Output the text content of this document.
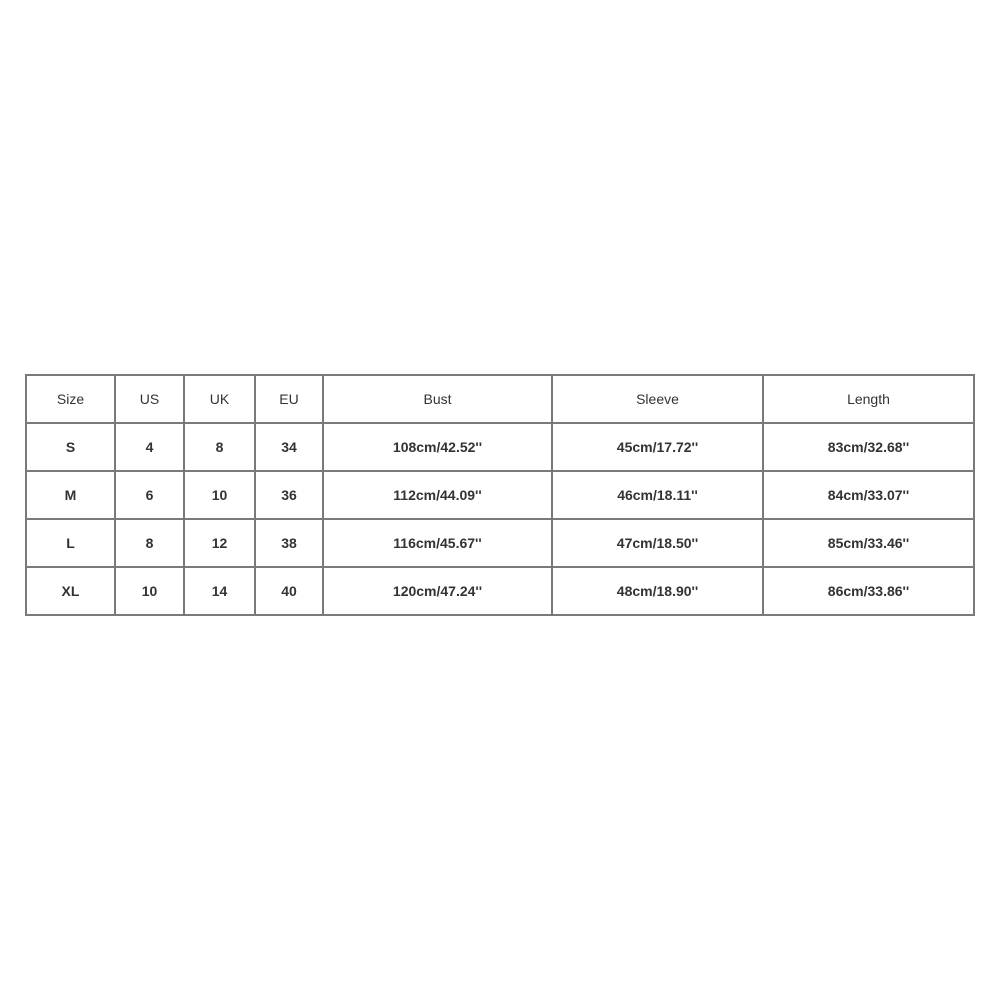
Size	US	UK	EU	Bust	Sleeve	Length
S	4	8	34	108cm/42.52''	45cm/17.72''	83cm/32.68''
M	6	10	36	112cm/44.09''	46cm/18.11''	84cm/33.07''
L	8	12	38	116cm/45.67''	47cm/18.50''	85cm/33.46''
XL	10	14	40	120cm/47.24''	48cm/18.90''	86cm/33.86''
